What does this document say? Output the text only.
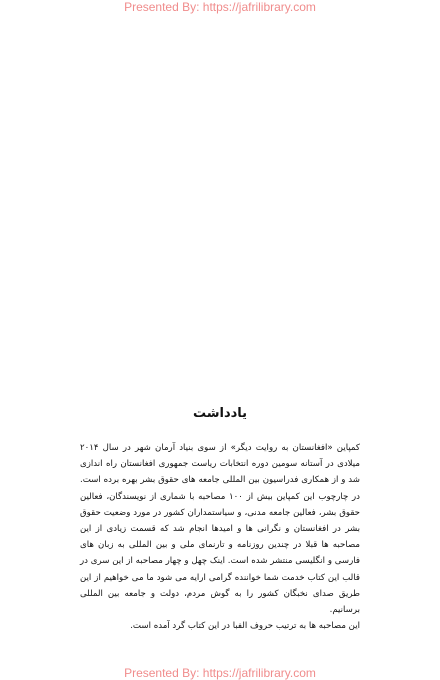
Presented By: https://jafrilibrary.com
یادداشت

کمپاین «افغانستان به روایت دیگر» از سوی بنیاد آرمان شهر در سال ۲۰۱۴ میلادی در آستانه سومین دوره انتخابات ریاست جمهوری افغانستان راه اندازی شد و از همکاری فدراسیون بین المللی جامعه های حقوق بشر بهره برده است. در چارچوب این کمپاین بیش از ۱۰۰ مصاحبه با شماری از نویسندگان، فعالین حقوق بشر، فعالین جامعه مدنی، و سیاستمداران کشور در مورد وضعیت حقوق بشر در افغانستان و نگرانی ها و امیدها انجام شد که قسمت زیادی از این مصاحبه ها قبلا در چندین روزنامه و تارنمای ملی و بین المللی به زبان های فارسی و انگلیسی منتشر شده است. اینک چهل و چهار مصاحبه از این سری در قالب این کتاب خدمت شما خواننده گرامی ارایه می شود ما می خواهیم از این طریق صدای نخبگان کشور را به گوش مردم، دولت و جامعه بین المللی برسانیم.

این مصاحبه ها به ترتیب حروف الفبا در این کتاب گرد آمده است.

Presented By: https://jafrilibrary.com
